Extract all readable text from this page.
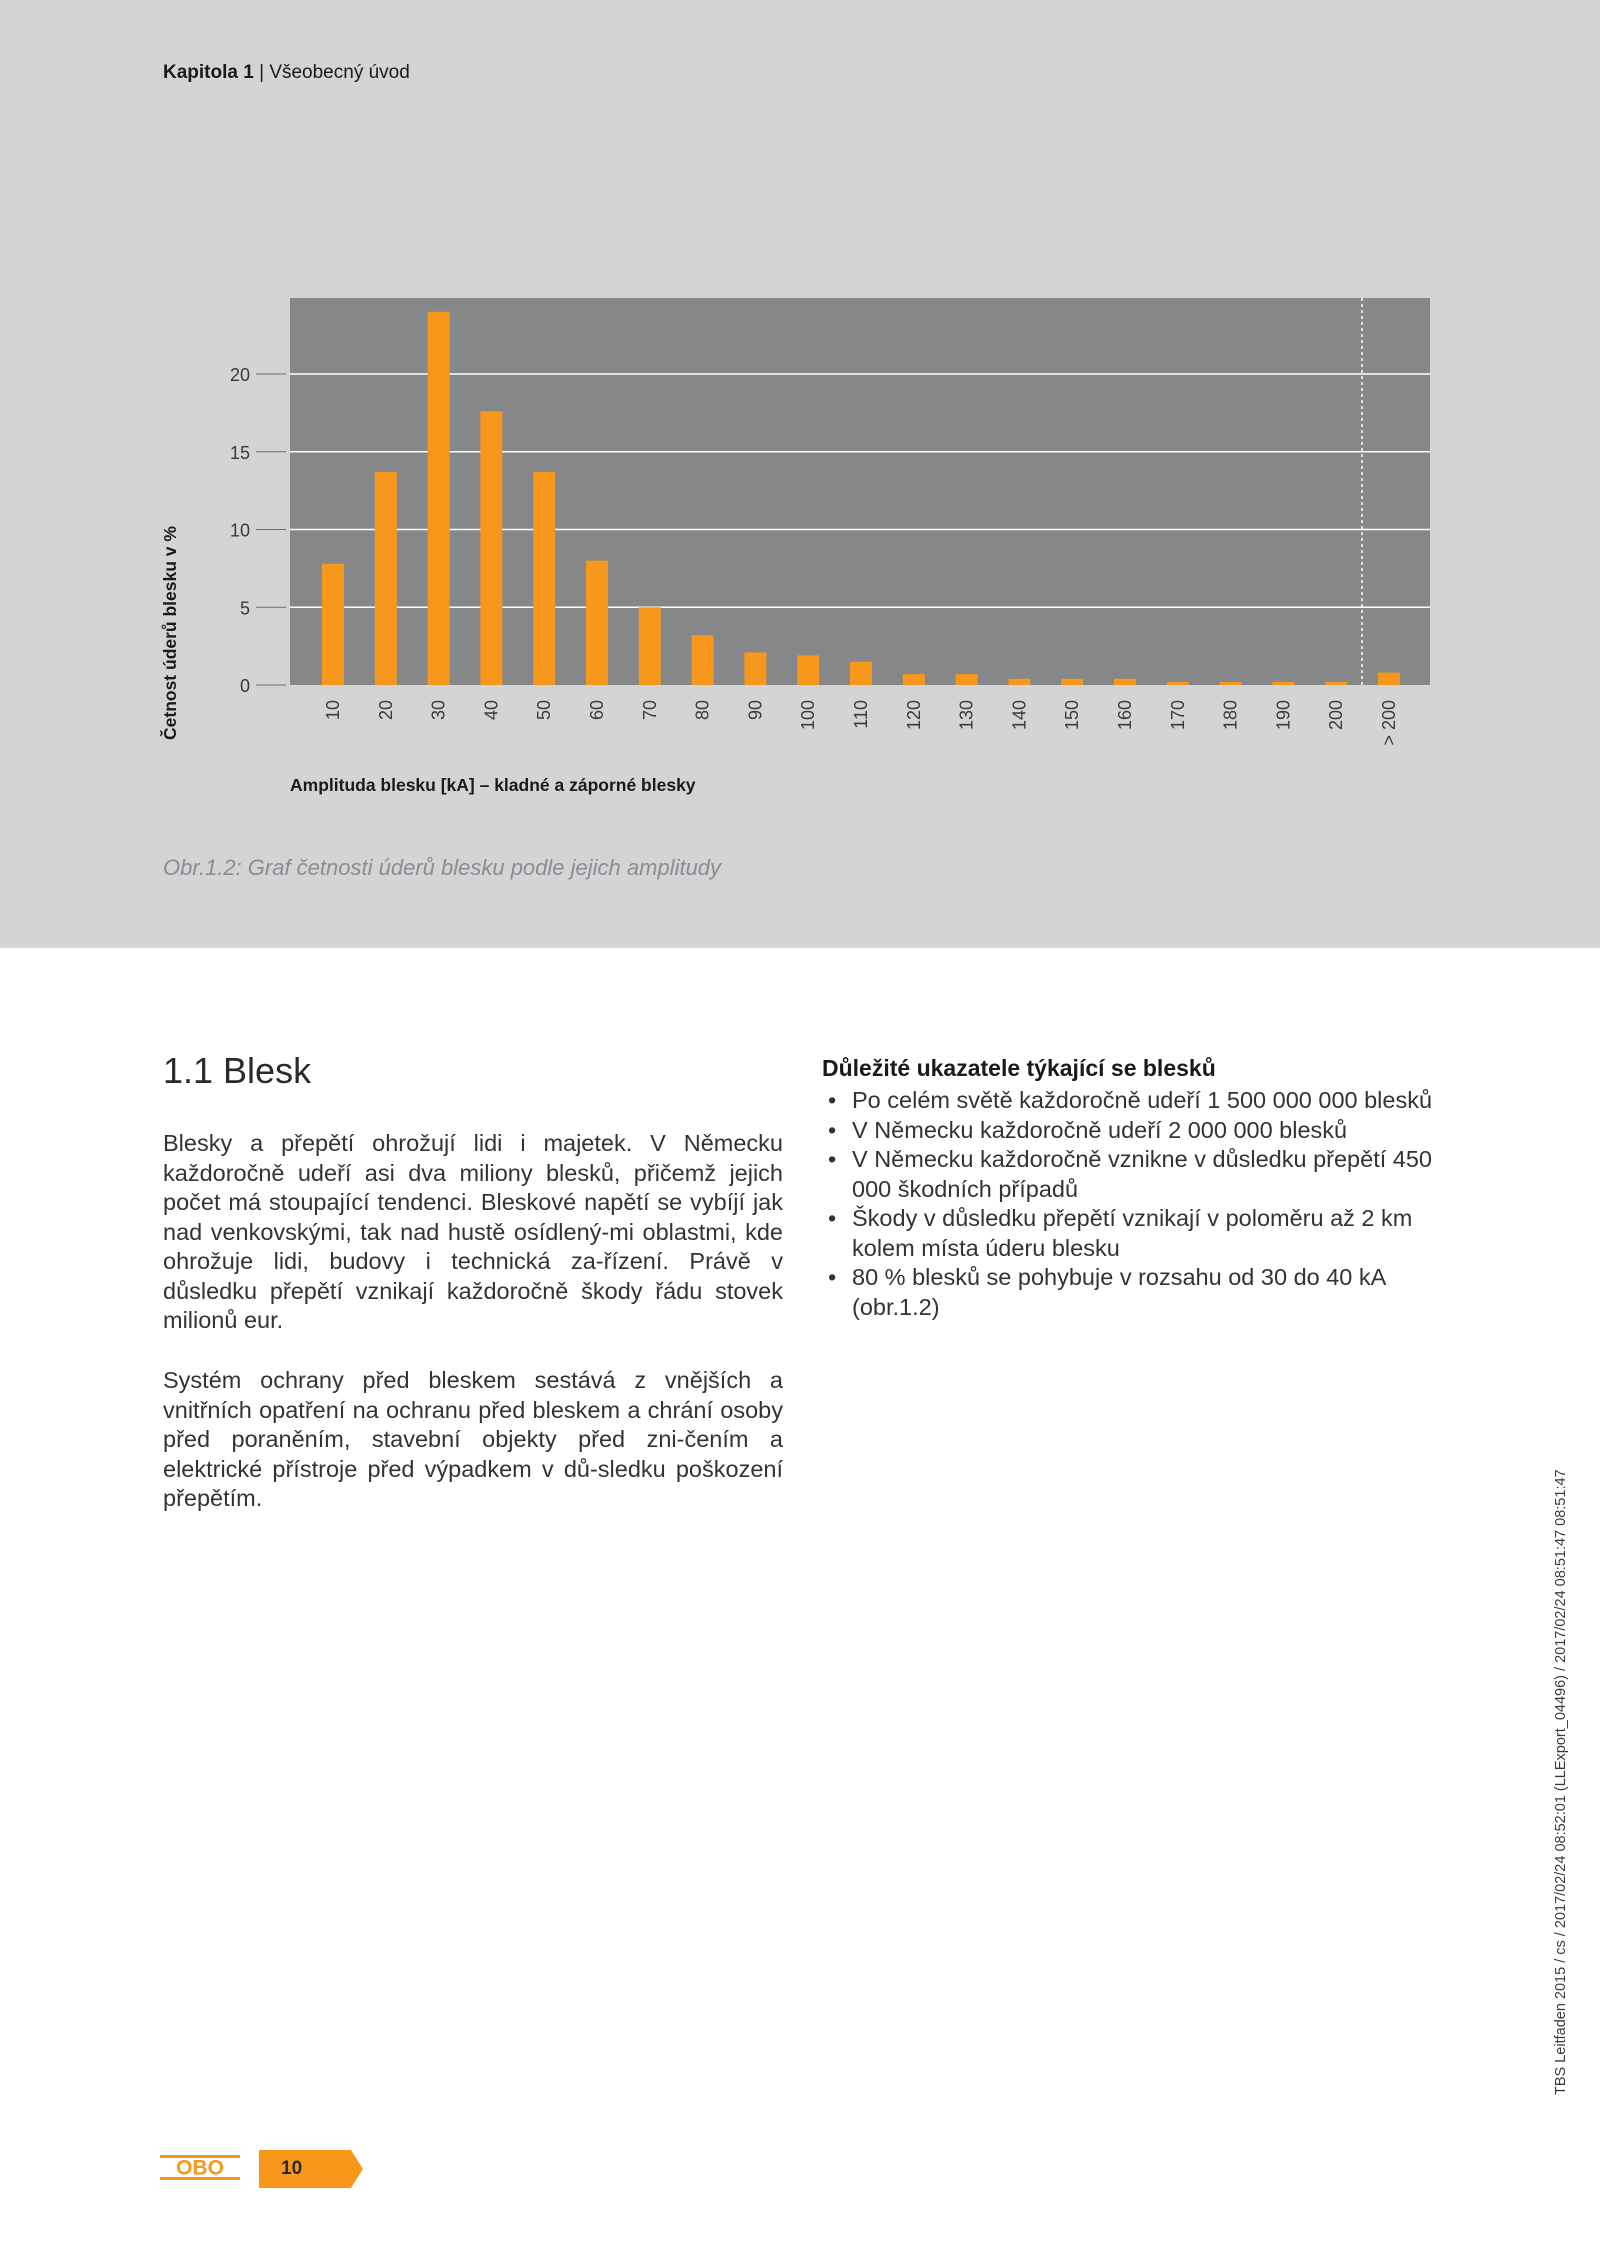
Kapitola 1 | Všeobecný úvod
0
5
10
15
20
10 20 30 40 50 60 70 80 90 100 110 120 130 140 150 160 170 180 190 200 > 200
Amplituda blesku [kA] – kladné a záporné blesky
Četnost úderů blesku v %
Obr.1.2: Graf četnosti úderů blesku podle jejich amplitudy
1.1 Blesk

Blesky a přepětí ohrožují lidi i majetek. V Německu každoročně udeří asi dva miliony blesků, přičemž jejich počet má stoupající tendenci. Bleskové napětí se vybíjí jak nad venkovskými, tak nad hustě osídlený-mi oblastmi, kde ohrožuje lidi, budovy i technická za-řízení. Právě v důsledku přepětí vznikají každoročně škody řádu stovek milionů eur.

Systém ochrany před bleskem sestává z vnějších a vnitřních opatření na ochranu před bleskem a chrání osoby před poraněním, stavební objekty před zni-čením a elektrické přístroje před výpadkem v dů-sledku poškození přepětím.

Důležité ukazatele týkající se blesků
• Po celém světě každoročně udeří 1 500 000 000 blesků
• V Německu každoročně udeří 2 000 000 blesků
• V Německu každoročně vznikne v důsledku přepětí 450 000 škodních případů
• Škody v důsledku přepětí vznikají v poloměru až 2 km kolem místa úderu blesku
• 80 % blesků se pohybuje v rozsahu od 30 do 40 kA (obr.1.2)
TBS Leitfaden 2015 / cs / 2017/02/24 08:52:01 (LLExport_04496) / 2017/02/24 08:51:47 08:51:47
OBO	10
